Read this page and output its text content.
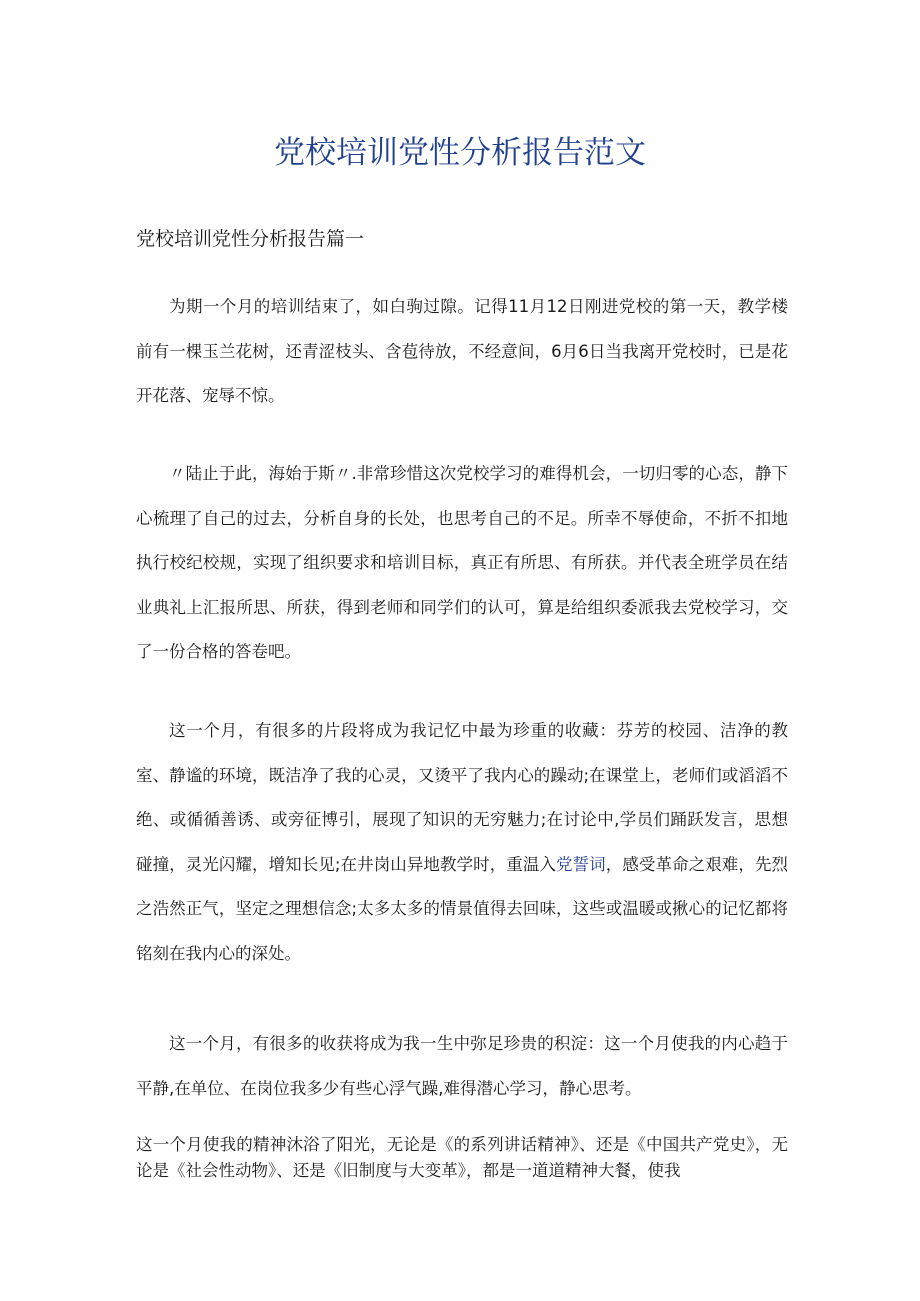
党校培训党性分析报告范文
党校培训党性分析报告篇一

为期一个月的培训结束了，如白驹过隙。记得11月12日刚进党校的第一天，教学楼前有一棵玉兰花树，还青涩枝头、含苞待放，不经意间，6月6日当我离开党校时，已是花开花落、宠辱不惊。

〃陆止于此，海始于斯〃.非常珍惜这次党校学习的难得机会，一切归零的心态，静下心梳理了自己的过去，分析自身的长处，也思考自己的不足。所幸不辱使命，不折不扣地执行校纪校规，实现了组织要求和培训目标，真正有所思、有所获。并代表全班学员在结业典礼上汇报所思、所获，得到老师和同学们的认可，算是给组织委派我去党校学习，交了一份合格的答卷吧。

这一个月，有很多的片段将成为我记忆中最为珍重的收藏：芬芳的校园、洁净的教室、静谧的环境，既洁净了我的心灵，又烫平了我内心的躁动;在课堂上，老师们或滔滔不绝、或循循善诱、或旁征博引，展现了知识的无穷魅力;在讨论中,学员们踊跃发言，思想碰撞，灵光闪耀，增知长见;在井岗山异地教学时，重温入党誓词，感受革命之艰难，先烈之浩然正气，坚定之理想信念;太多太多的情景值得去回味，这些或温暖或揪心的记忆都将铭刻在我内心的深处。

这一个月，有很多的收获将成为我一生中弥足珍贵的积淀：这一个月使我的内心趋于平静,在单位、在岗位我多少有些心浮气躁,难得潜心学习，静心思考。

这一个月使我的精神沐浴了阳光，无论是《的系列讲话精神》、还是《中国共产党史》，无论是《社会性动物》、还是《旧制度与大变革》，都是一道道精神大餐，使我
